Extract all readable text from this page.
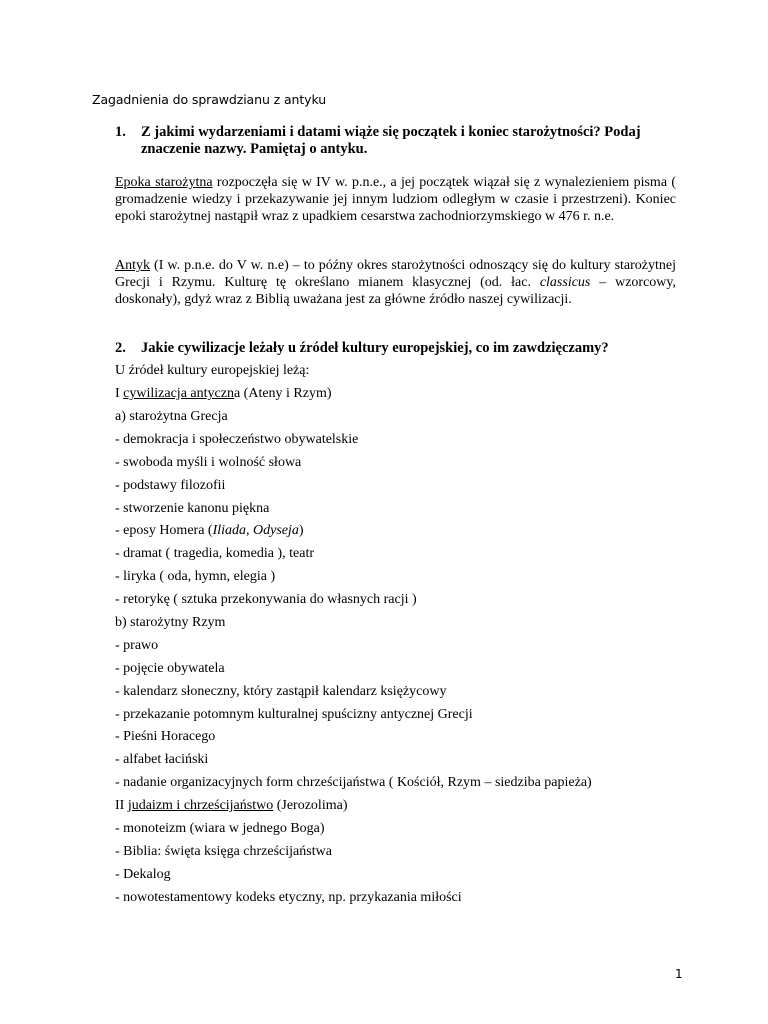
Zagadnienia do sprawdzianu z antyku
1. Z jakimi wydarzeniami i datami wiąże się początek i koniec starożytności? Podaj znaczenie nazwy. Pamiętaj o antyku.
Epoka starożytna rozpoczęła się w IV w. p.n.e., a jej początek wiązał się z wynalezieniem pisma ( gromadzenie wiedzy i przekazywanie jej innym ludziom odległym w czasie i przestrzeni). Koniec epoki starożytnej nastąpił wraz z upadkiem cesarstwa zachodniorzymskiego w 476 r. n.e.
Antyk (I w. p.n.e. do V w. n.e) – to późny okres starożytności odnoszący się do kultury starożytnej Grecji i Rzymu. Kulturę tę określano mianem klasycznej (od. łac. classicus – wzorcowy, doskonały), gdyż wraz z Biblią uważana jest za główne źródło naszej cywilizacji.
2. Jakie cywilizacje leżały u źródeł kultury europejskiej, co im zawdzięczamy?
U źródeł kultury europejskiej leżą:
I cywilizacja antyczna (Ateny i Rzym)
a) starożytna Grecja
- demokracja i społeczeństwo obywatelskie
- swoboda myśli i wolność słowa
- podstawy filozofii
- stworzenie kanonu piękna
- eposy Homera (Iliada, Odyseja)
- dramat ( tragedia, komedia ), teatr
- liryka ( oda, hymn, elegia )
- retorykę ( sztuka przekonywania do własnych racji )
b) starożytny Rzym
- prawo
- pojęcie obywatela
- kalendarz słoneczny, który zastąpił kalendarz księżycowy
- przekazanie potomnym kulturalnej spuścizny antycznej Grecji
- Pieśni Horacego
- alfabet łaciński
- nadanie organizacyjnych form chrześcijaństwa ( Kościół, Rzym – siedziba papieża)
II judaizm i chrześcijaństwo (Jerozolima)
- monoteizm (wiara w jednego Boga)
- Biblia: święta księga chrześcijaństwa
- Dekalog
- nowotestamentowy kodeks etyczny, np. przykazania miłości
1
